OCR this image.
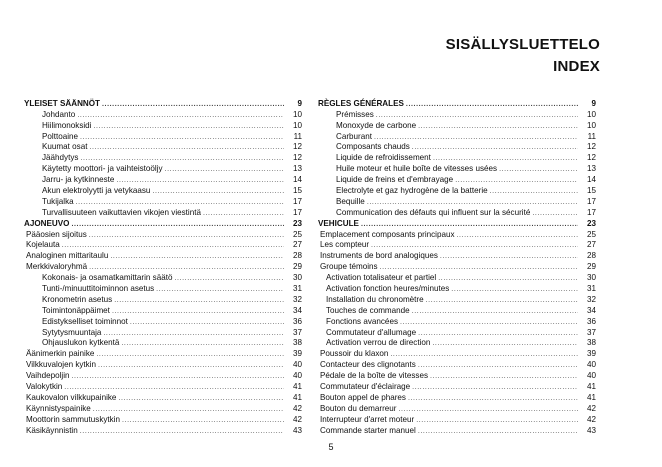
SISÄLLYSLUETTELO
INDEX
YLEISET SÄÄNNÖT .....	9
Johdanto .....	10
Hiilimonoksidi .....	10
Polttoaine .....	11
Kuumat osat .....	12
Jäähdytys .....	12
Käytetty moottori- ja vaihteistoöljy .....	13
Jarru- ja kytkinneste .....	14
Akun elektrolyytti ja vetykaasu .....	15
Tukijalka .....	17
Turvallisuuteen vaikuttavien vikojen viestintä .....	17
AJONEUVO .....	23
Pääosien sijoitus .....	25
Kojelauta .....	27
Analoginen mittaritaulu .....	28
Merkkivaloryhmä .....	29
Kokonais- ja osamatkamittarin säätö .....	30
Tunti-/minuuttitoiminnon asetus .....	31
Kronometrin asetus .....	32
Toimintonäppäimet .....	34
Edistykselliset toiminnot .....	36
Sytytysmuuntaja .....	37
Ohjauslukon kytkentä .....	38
Äänimerkin painike .....	39
Vilkkuvalojen kytkin .....	40
Vaihdepoljin .....	40
Valokytkin .....	41
Kaukovalon vilkkupainike .....	41
Käynnistyspainike .....	42
Moottorin sammutuskytkin .....	42
Käsikäynnistin .....	43
RÈGLES GÉNÉRALES .....	9
Prémisses .....	10
Monoxyde de carbone .....	10
Carburant .....	11
Composants chauds .....	12
Liquide de refroidissement .....	12
Huile moteur et huile boîte de vitesses usées .....	13
Liquide de freins et d'embrayage .....	14
Electrolyte et gaz hydrogène de la batterie .....	15
Bequille .....	17
Communication des défauts qui influent sur la sécurité .....	17
VEHICULE .....	23
Emplacement composants principaux .....	25
Les compteur .....	27
Instruments de bord analogiques .....	28
Groupe témoins .....	29
Activation totalisateur et partiel .....	30
Activation fonction heures/minutes .....	31
Installation du chronomètre .....	32
Touches de commande .....	34
Fonctions avancées .....	36
Commutateur d'allumage .....	37
Activation verrou de direction .....	38
Poussoir du klaxon .....	39
Contacteur des clignotants .....	40
Pédale de la boîte de vitesses .....	40
Commutateur d'éclairage .....	41
Bouton appel de phares .....	41
Bouton du demarreur .....	42
Interrupteur d'arret moteur .....	42
Commande starter manuel .....	43
5
